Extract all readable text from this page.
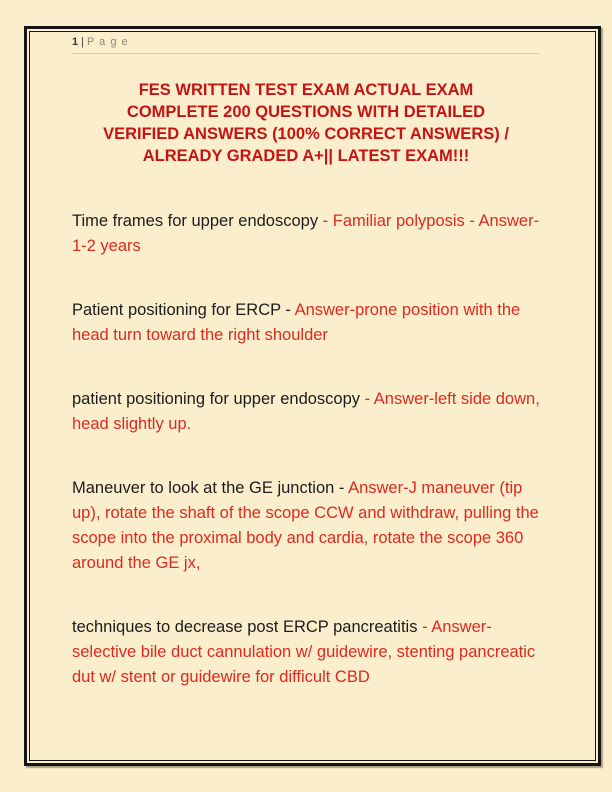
1 | P a g e
FES WRITTEN TEST EXAM ACTUAL EXAM
COMPLETE 200 QUESTIONS WITH DETAILED
VERIFIED ANSWERS (100% CORRECT ANSWERS) /
ALREADY GRADED A+|| LATEST EXAM!!!

Time frames for upper endoscopy - Familiar polyposis - Answer-1-2 years

Patient positioning for ERCP - Answer-prone position with the head turn toward the right shoulder

patient positioning for upper endoscopy - Answer-left side down, head slightly up.

Maneuver to look at the GE junction - Answer-J maneuver (tip up), rotate the shaft of the scope CCW and withdraw, pulling the scope into the proximal body and cardia, rotate the scope 360 around the GE jx,

techniques to decrease post ERCP pancreatitis - Answer-selective bile duct cannulation w/ guidewire, stenting pancreatic dut w/ stent or guidewire for difficult CBD
